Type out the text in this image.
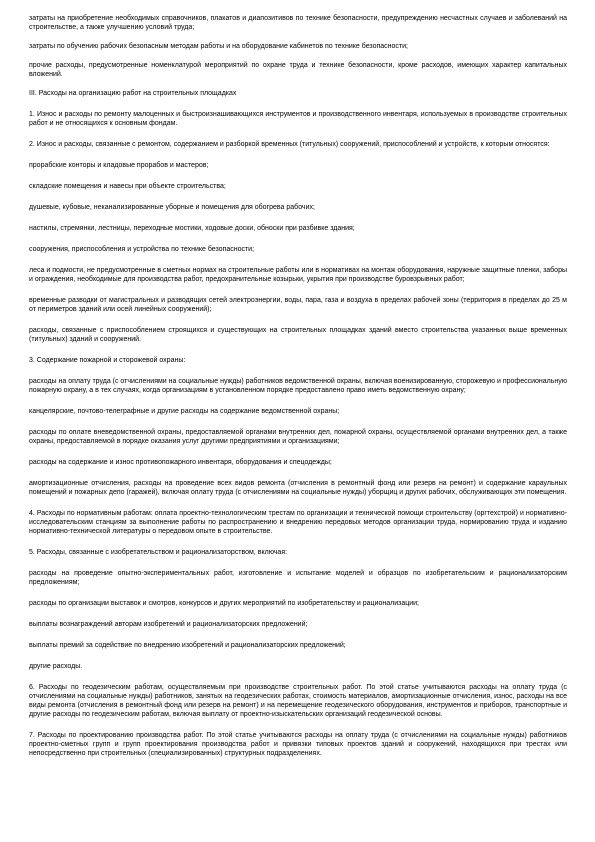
затраты на приобретение необходимых справочников, плакатов и диапозитивов по технике безопасности, предупреждению несчастных случаев и заболеваний на строительстве, а также улучшению условий труда;

затраты по обучению рабочих безопасным методам работы и на оборудование кабинетов по технике безопасности;

прочие расходы, предусмотренные номенклатурой мероприятий по охране труда и технике безопасности, кроме расходов, имеющих характер капитальных вложений.

III. Расходы на организацию работ на строительных площадках

1. Износ и расходы по ремонту малоценных и быстроизнашивающихся инструментов и производственного инвентаря, используемых в производстве строительных работ и не относящихся к основным фондам.

2. Износ и расходы, связанные с ремонтом, содержанием и разборкой временных (титульных) сооружений, приспособлений и устройств, к которым относятся:

прорабские конторы и кладовые прорабов и мастеров;

складские помещения и навесы при объекте строительства;

душевые, кубовые, неканализированные уборные и помещения для обогрева рабочих;

настилы, стремянки, лестницы, переходные мостики, ходовые доски, обноски при разбивке здания;

сооружения, приспособления и устройства по технике безопасности;

леса и подмости, не предусмотренные в сметных нормах на строительные работы или в нормативах на монтаж оборудования, наружные защитные пленки, заборы и ограждения, необходимые для производства работ, предохранительные козырьки, укрытия при производстве буровзрывных работ;

временные разводки от магистральных и разводящих сетей электроэнергии, воды, пара, газа и воздуха в пределах рабочей зоны (территория в пределах до 25 м от периметров зданий или осей линейных сооружений);

расходы, связанные с приспособлением строящихся и существующих на строительных площадках зданий вместо строительства указанных выше временных (титульных) зданий и сооружений.

3. Содержание пожарной и сторожевой охраны:

расходы на оплату труда (с отчислениями на социальные нужды) работников ведомственной охраны, включая военизированную, сторожевую и профессиональную пожарную охрану, а в тех случаях, когда организациям в установленном порядке предоставлено право иметь ведомственную охрану;

канцелярские, почтово-телеграфные и другие расходы на содержание ведомственной охраны;

расходы по оплате вневедомственной охраны, предоставляемой органами внутренних дел, пожарной охраны, осуществляемой органами внутренних дел, а также охраны, предоставляемой в порядке оказания услуг другими предприятиями и организациями;

расходы на содержание и износ противопожарного инвентаря, оборудования и спецодежды;

амортизационные отчисления, расходы на проведение всех видов ремонта (отчисления в ремонтный фонд или резерв на ремонт) и содержание караульных помещений и пожарных депо (гаражей), включая оплату труда (с отчислениями на социальные нужды) уборщиц и других рабочих, обслуживающих эти помещения.

4. Расходы по нормативным работам: оплата проектно-технологическим трестам по организации и технической помощи строительству (оргтехстрой) и нормативно-исследовательским станциям за выполнение работы по распространению и внедрению передовых методов организации труда, нормированию труда и изданию нормативно-технической литературы о передовом опыте в строительстве.

5. Расходы, связанные с изобретательством и рационализаторством, включая:

расходы на проведение опытно-экспериментальных работ, изготовление и испытание моделей и образцов по изобретательским и рационализаторским предложениям;

расходы по организации выставок и смотров, конкурсов и других мероприятий по изобретательству и рационализации;

выплаты вознаграждений авторам изобретений и рационализаторских предложений;

выплаты премий за содействие по внедрению изобретений и рационализаторских предложений;

другие расходы.

6. Расходы по геодезическим работам, осуществляемым при производстве строительных работ. По этой статье учитываются расходы на оплату труда (с отчислениями на социальные нужды) работников, занятых на геодезических работах, стоимость материалов, амортизационные отчисления, износ, расходы на все виды ремонта (отчисления в ремонтный фонд или резерв на ремонт) и на перемещение геодезического оборудования, инструментов и приборов, транспортные и другие расходы по геодезическим работам, включая выплату от проектно-изыскательских организаций геодезической основы.

7. Расходы по проектированию производства работ. По этой статье учитываются расходы на оплату труда (с отчислениями на социальные нужды) работников проектно-сметных групп и групп проектирования производства работ и привязки типовых проектов зданий и сооружений, находящихся при трестах или непосредственно при строительных (специализированных) структурных подразделениях.
